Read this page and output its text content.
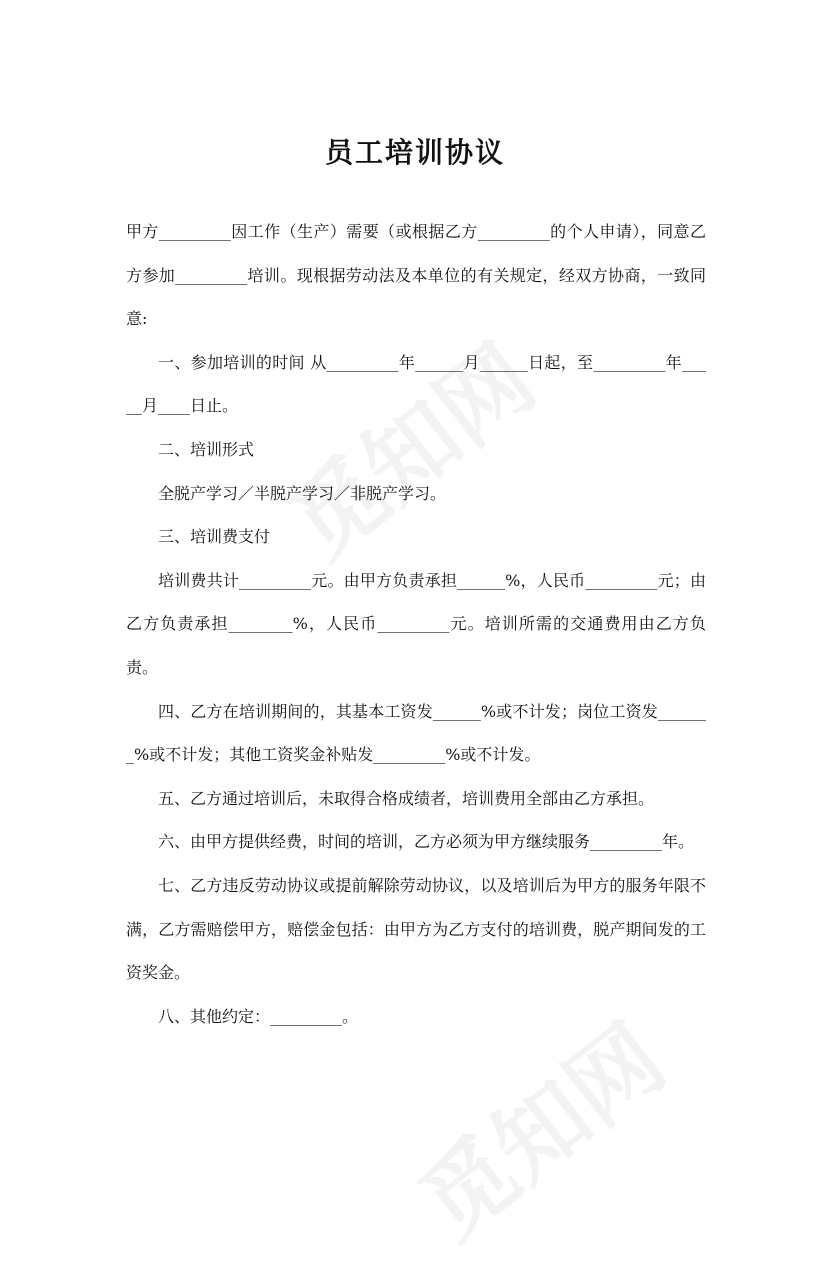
员工培训协议

甲方_________因工作（生产）需要（或根据乙方_________的个人申请），同意乙方参加_________培训。现根据劳动法及本单位的有关规定，经双方协商，一致同意:

一、参加培训的时间 从_________年______月______日起，至_________年_____月____日止。

二、培训形式

全脱产学习／半脱产学习／非脱产学习。

三、培训费支付

培训费共计_________元。由甲方负责承担______%，人民币_________元；由乙方负责承担________%，人民币_________元。培训所需的交通费用由乙方负责。

四、乙方在培训期间的，其基本工资发______%或不计发；岗位工资发_______%或不计发；其他工资奖金补贴发_________%或不计发。

五、乙方通过培训后，未取得合格成绩者，培训费用全部由乙方承担。

六、由甲方提供经费，时间的培训，乙方必须为甲方继续服务_________年。

七、乙方违反劳动协议或提前解除劳动协议，以及培训后为甲方的服务年限不满，乙方需赔偿甲方，赔偿金包括：由甲方为乙方支付的培训费，脱产期间发的工资奖金。

八、其他约定：_________。
